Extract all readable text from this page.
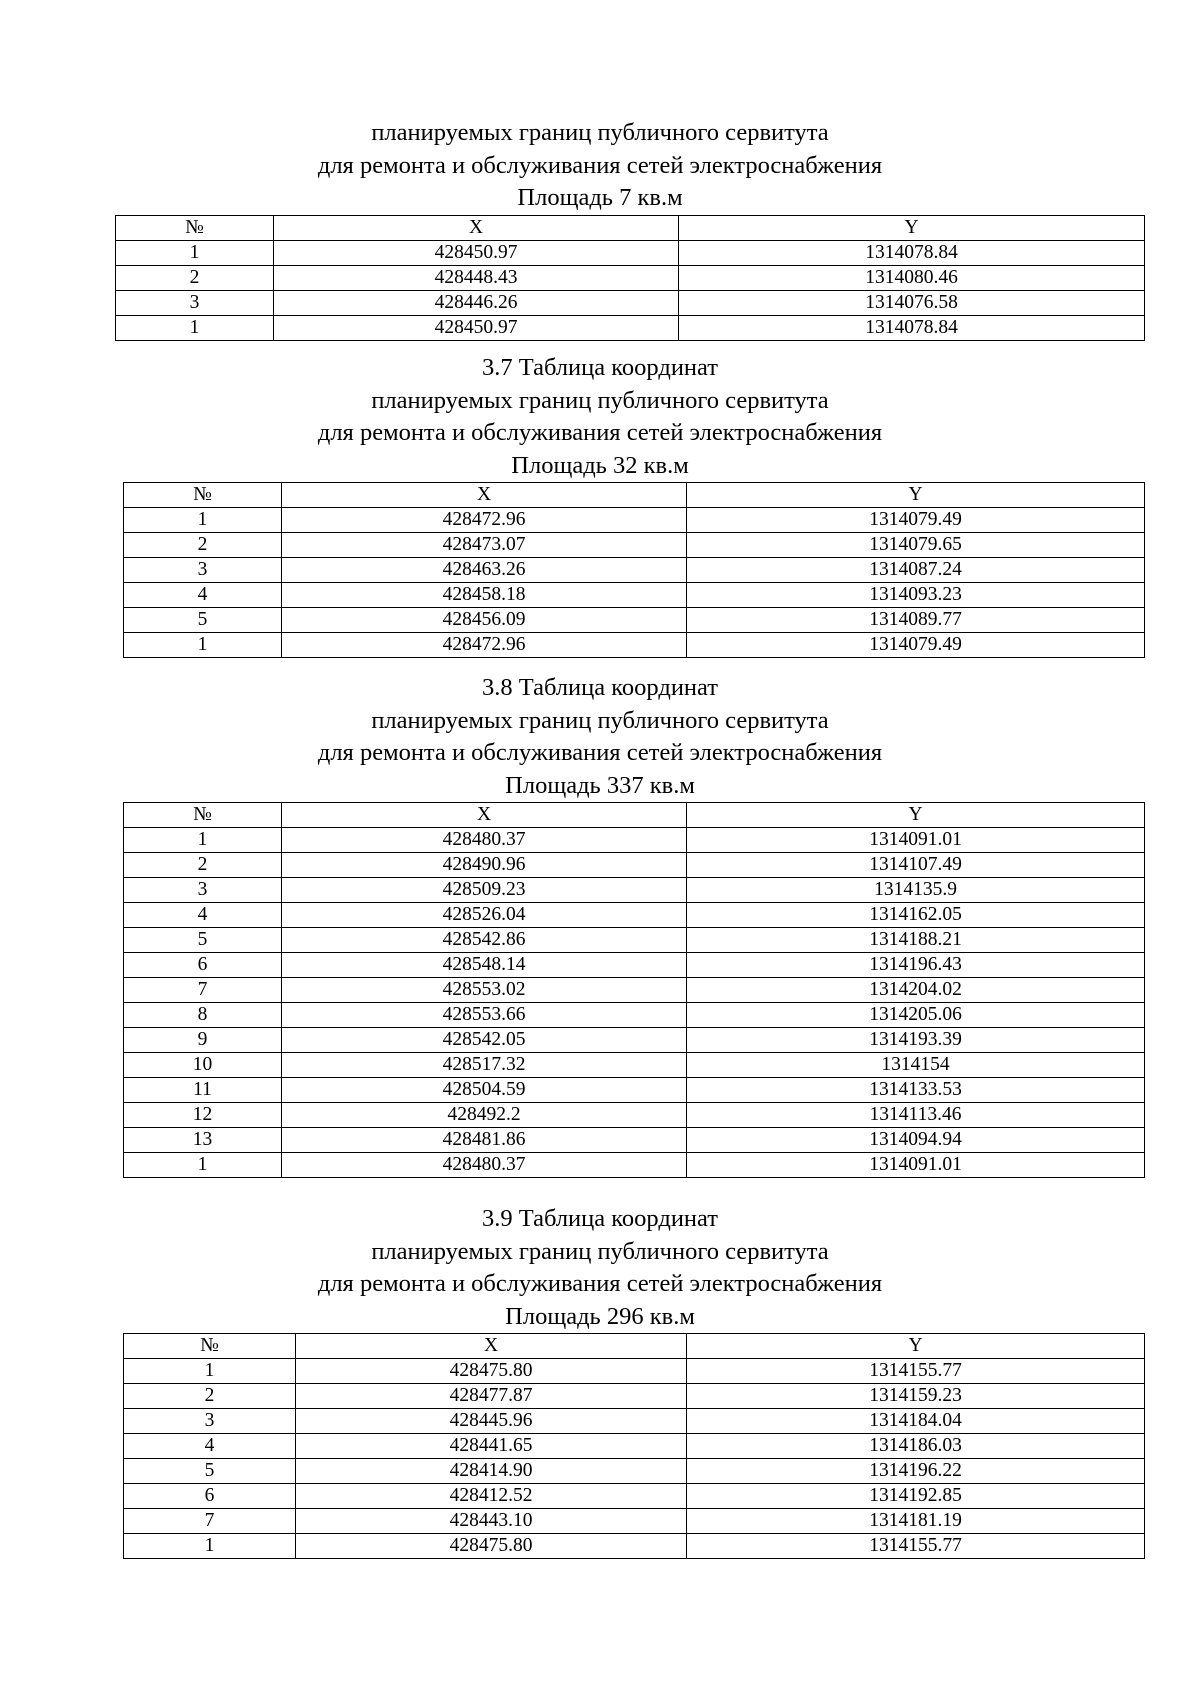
планируемых границ публичного сервитута
для ремонта и обслуживания сетей электроснабжения
Площадь 7 кв.м
№	X	Y
1	428450.97	1314078.84
2	428448.43	1314080.46
3	428446.26	1314076.58
1	428450.97	1314078.84
3.7 Таблица координат
планируемых границ публичного сервитута
для ремонта и обслуживания сетей электроснабжения
Площадь 32 кв.м
№	X	Y
1	428472.96	1314079.49
2	428473.07	1314079.65
3	428463.26	1314087.24
4	428458.18	1314093.23
5	428456.09	1314089.77
1	428472.96	1314079.49
3.8 Таблица координат
планируемых границ публичного сервитута
для ремонта и обслуживания сетей электроснабжения
Площадь 337 кв.м
№	X	Y
1	428480.37	1314091.01
2	428490.96	1314107.49
3	428509.23	1314135.9
4	428526.04	1314162.05
5	428542.86	1314188.21
6	428548.14	1314196.43
7	428553.02	1314204.02
8	428553.66	1314205.06
9	428542.05	1314193.39
10	428517.32	1314154
11	428504.59	1314133.53
12	428492.2	1314113.46
13	428481.86	1314094.94
1	428480.37	1314091.01
3.9 Таблица координат
планируемых границ публичного сервитута
для ремонта и обслуживания сетей электроснабжения
Площадь 296 кв.м
№	X	Y
1	428475.80	1314155.77
2	428477.87	1314159.23
3	428445.96	1314184.04
4	428441.65	1314186.03
5	428414.90	1314196.22
6	428412.52	1314192.85
7	428443.10	1314181.19
1	428475.80	1314155.77
